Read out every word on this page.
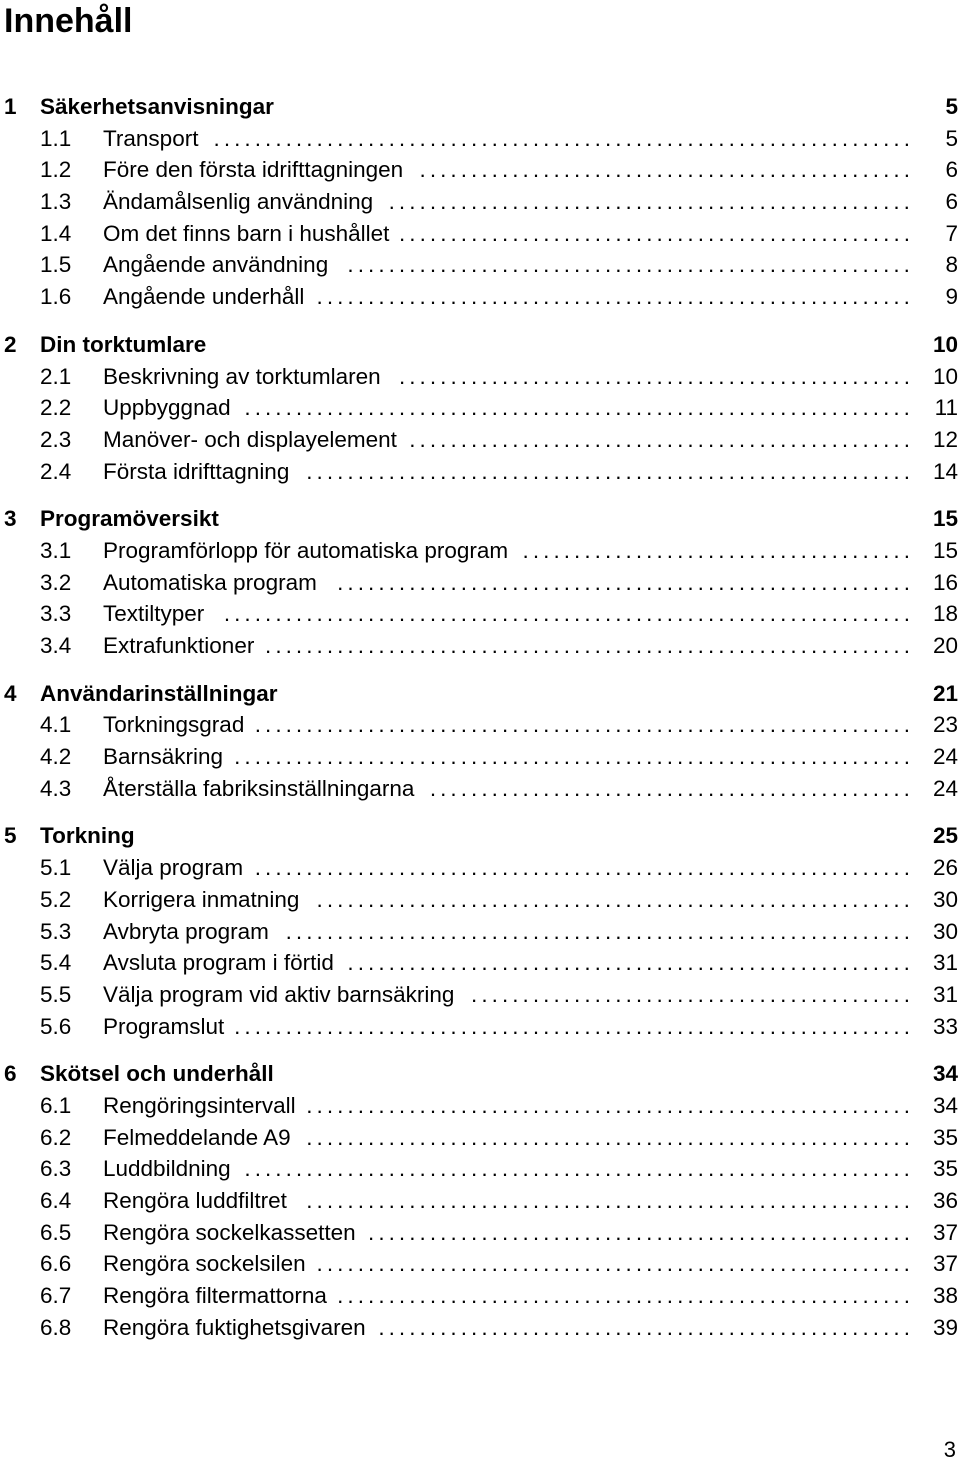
Innehåll
1 Säkerhetsanvisningar	5
1.1 Transport .................................................................... 5
1.2 Före den första idrifttagningen ................................................ 6
1.3 Ändamålsenlig användning ................................................... 6
1.4 Om det finns barn i hushållet .................................................. 7
1.5 Angående användning ....................................................... 8
1.6 Angående underhåll .......................................................... 9
2 Din torktumlare	10
2.1 Beskrivning av torktumlaren .................................................. 10
2.2 Uppbyggnad ................................................................. 11
2.3 Manöver- och displayelement ................................................. 12
2.4 Första idrifttagning ........................................................... 14
3 Programöversikt	15
3.1 Programförlopp för automatiska program ...................................... 15
3.2 Automatiska program ........................................................ 16
3.3 Textiltyper ................................................................... 18
3.4 Extrafunktioner ............................................................... 20
4 Användarinställningar	21
4.1 Torkningsgrad ................................................................ 23
4.2 Barnsäkring .................................................................. 24
4.3 Återställa fabriksinställningarna ............................................... 24
5 Torkning	25
5.1 Välja program ................................................................ 26
5.2 Korrigera inmatning .......................................................... 30
5.3 Avbryta program ............................................................. 30
5.4 Avsluta program i förtid ....................................................... 31
5.5 Välja program vid aktiv barnsäkring ........................................... 31
5.6 Programslut .................................................................. 33
6 Skötsel och underhåll	34
6.1 Rengöringsintervall ........................................................... 34
6.2 Felmeddelande A9 ........................................................... 35
6.3 Luddbildning ................................................................. 35
6.4 Rengöra luddfiltret ........................................................... 36
6.5 Rengöra sockelkassetten ..................................................... 37
6.6 Rengöra sockelsilen .......................................................... 37
6.7 Rengöra filtermattorna ........................................................ 38
6.8 Rengöra fuktighetsgivaren .................................................... 39
3
